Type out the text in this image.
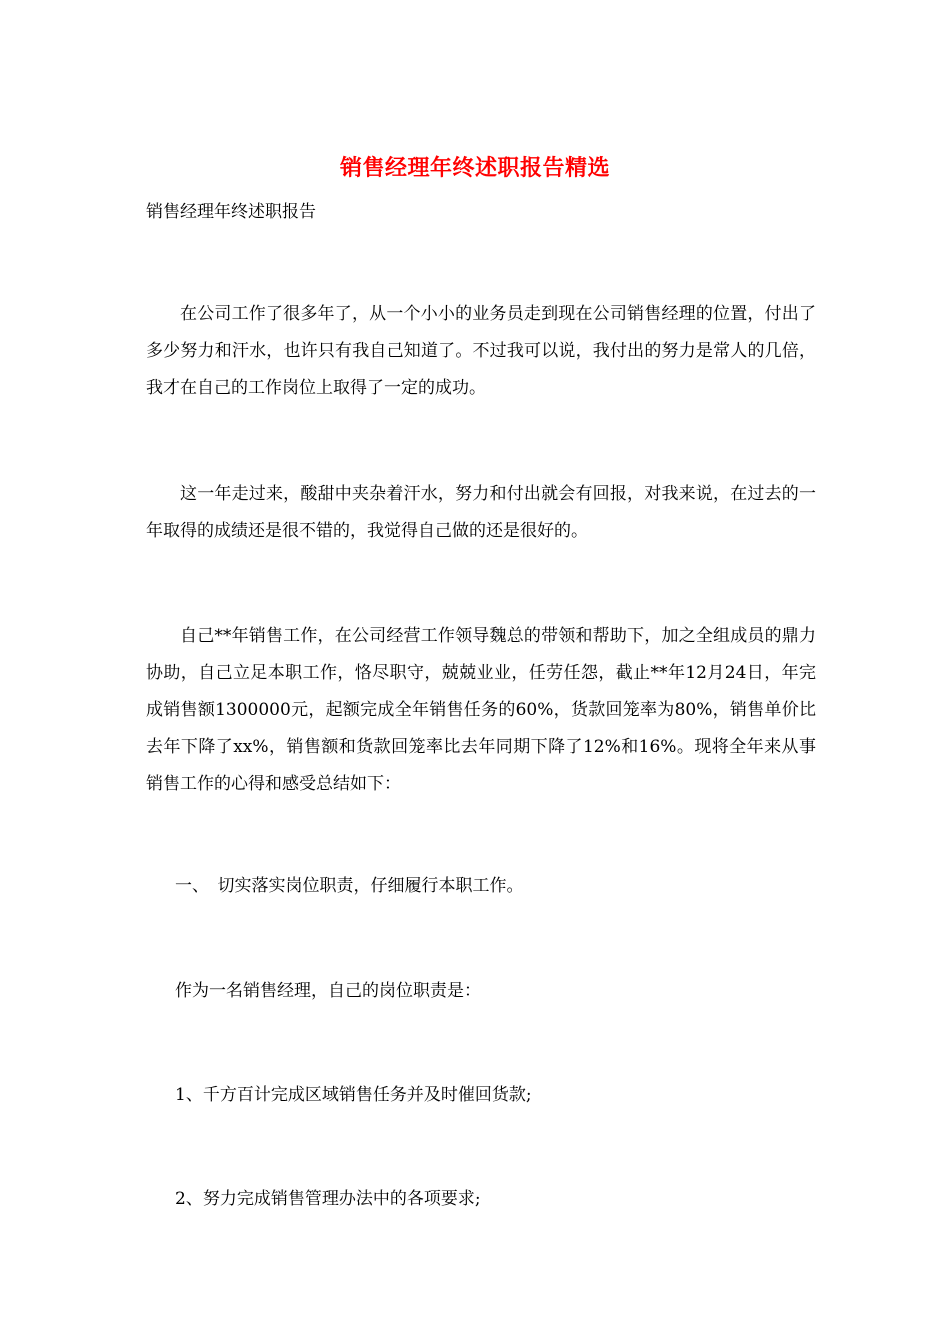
销售经理年终述职报告精选
销售经理年终述职报告

在公司工作了很多年了，从一个小小的业务员走到现在公司销售经理的位置，付出了多少努力和汗水，也许只有我自己知道了。不过我可以说，我付出的努力是常人的几倍，我才在自己的工作岗位上取得了一定的成功。

这一年走过来，酸甜中夹杂着汗水，努力和付出就会有回报，对我来说，在过去的一年取得的成绩还是很不错的，我觉得自己做的还是很好的。

自己**年销售工作，在公司经营工作领导魏总的带领和帮助下，加之全组成员的鼎力协助，自己立足本职工作，恪尽职守，兢兢业业，任劳任怨，截止**年12月24日，年完成销售额1300000元，起额完成全年销售任务的60%，货款回笼率为80%，销售单价比去年下降了xx%，销售额和货款回笼率比去年同期下降了12%和16%。现将全年来从事销售工作的心得和感受总结如下：

一、　切实落实岗位职责，仔细履行本职工作。
作为一名销售经理，自己的岗位职责是：
1、千方百计完成区域销售任务并及时催回货款;
2、努力完成销售管理办法中的各项要求;
